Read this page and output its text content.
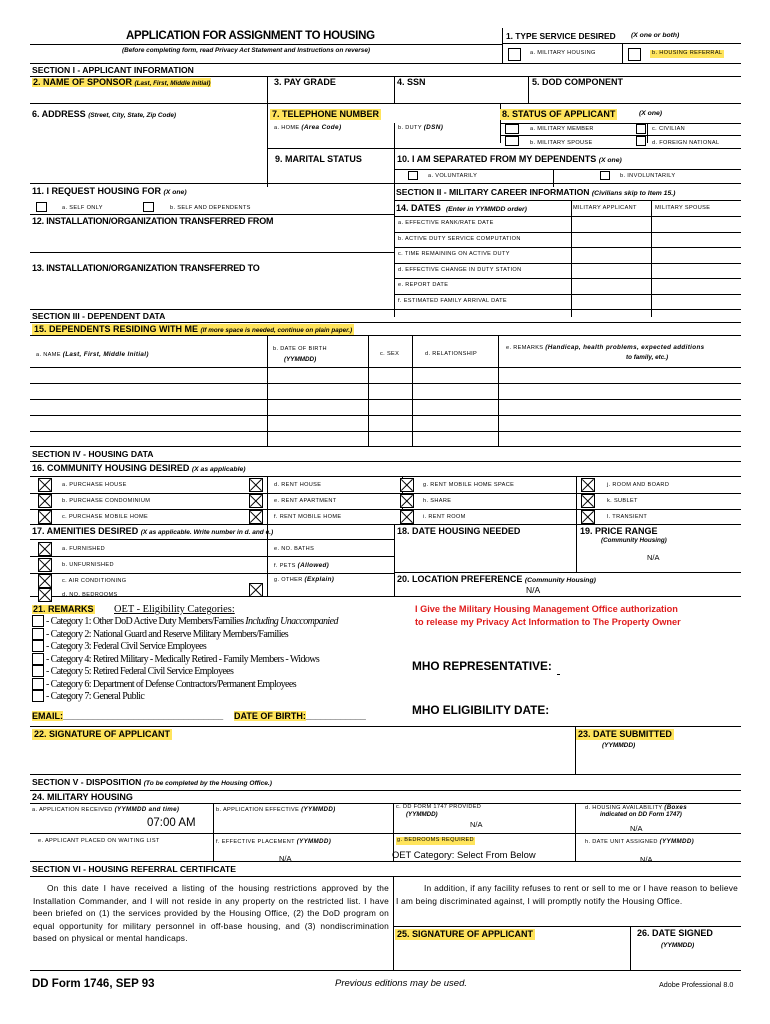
APPLICATION FOR ASSIGNMENT TO HOUSING
(Before completing form, read Privacy Act Statement and Instructions on reverse)
1. TYPE SERVICE DESIRED (X one or both)
a. MILITARY HOUSING	b. HOUSING REFERRAL
SECTION I - APPLICANT INFORMATION
2. NAME OF SPONSOR (Last, First, Middle Initial)	3. PAY GRADE	4. SSN	5. DOD COMPONENT
6. ADDRESS (Street, City, State, Zip Code)	7. TELEPHONE NUMBER
a. HOME (Area Code)	b. DUTY (DSN)
8. STATUS OF APPLICANT	(X one)
a. MILITARY MEMBER
b. MILITARY SPOUSE
c. CIVILIAN
d. FOREIGN NATIONAL
9. MARITAL STATUS	10. I AM SEPARATED FROM MY DEPENDENTS (X one)
a. VOLUNTARILY	b. INVOLUNTARILY
11. I REQUEST HOUSING FOR (X one)
a. SELF ONLY	b. SELF AND DEPENDENTS
12. INSTALLATION/ORGANIZATION TRANSFERRED FROM
13. INSTALLATION/ORGANIZATION TRANSFERRED TO
SECTION II - MILITARY CAREER INFORMATION (Civilians skip to Item 15.)
14. DATES (Enter in YYMMDD order)	MILITARY APPLICANT	MILITARY SPOUSE
a. EFFECTIVE RANK/RATE DATE
b. ACTIVE DUTY SERVICE COMPUTATION
c. TIME REMAINING ON ACTIVE DUTY
d. EFFECTIVE CHANGE IN DUTY STATION
e. REPORT DATE
f. ESTIMATED FAMILY ARRIVAL DATE
SECTION III - DEPENDENT DATA
15. DEPENDENTS RESIDING WITH ME (If more space is needed, continue on plain paper.)
a. NAME (Last, First, Middle Initial)
b. DATE OF BIRTH
(YYMMDD)
c. SEX	d. RELATIONSHIP
e. REMARKS (Handicap, health problems, expected additions
to family, etc.)
SECTION IV - HOUSING DATA
16. COMMUNITY HOUSING DESIRED (X as applicable)
a. PURCHASE HOUSE
b. PURCHASE CONDOMINIUM
c. PURCHASE MOBILE HOME
d. RENT HOUSE
e. RENT APARTMENT
f. RENT MOBILE HOME
g. RENT MOBILE HOME SPACE
h. SHARE
i. RENT ROOM
j. ROOM AND BOARD
k. SUBLET
l. TRANSIENT
17. AMENITIES DESIRED (X as applicable. Write number in d. and e.)
a. FURNISHED
b. UNFURNISHED
c. AIR CONDITIONING
d. NO. BEDROOMS
e. NO. BATHS
f. PETS (Allowed)
g. OTHER (Explain)
18. DATE HOUSING NEEDED	19. PRICE RANGE
(Community Housing)
N/A
20. LOCATION PREFERENCE (Community Housing)
N/A
21. REMARKS OET - Eligibility Categories:
- Category 1: Other DoD Active Duty Members/Families Including Unaccompanied
- Category 2: National Guard and Reserve Military Members/Families
- Category 3: Federal Civil Service Employees
- Category 4: Retired Military - Medically Retired - Family Members - Widows
- Category 5: Retired Federal Civil Service Employees
- Category 6: Department of Defense Contractors/Permanent Employees
- Category 7: General Public
I Give the Military Housing Management Office authorization
to release my Privacy Act Information to The Property Owner
MHO REPRESENTATIVE:
MHO ELIGIBILITY DATE:
EMAIL:________________________________ DATE OF BIRTH:____________
22. SIGNATURE OF APPLICANT	23. DATE SUBMITTED
(YYMMDD)
SECTION V - DISPOSITION (To be completed by the Housing Office.)
24. MILITARY HOUSING
a. APPLICATION RECEIVED (YYMMDD and time)
07:00 AM
b. APPLICATION EFFECTIVE (YYMMDD)	c. DD FORM 1747 PROVIDED
(YYMMDD)
N/A
d. HOUSING AVAILABILITY (Boxes
indicated on DD Form 1747)
N/A
e. APPLICANT PLACED ON WAITING LIST	f. EFFECTIVE PLACEMENT (YYMMDD)
N/A
g. BEDROOMS REQUIRED
OET Category: Select From Below
h. DATE UNIT ASSIGNED (YYMMDD)
N/A
SECTION VI - HOUSING REFERRAL CERTIFICATE
On this date I have received a listing of the housing restrictions approved by the Installation Commander, and I will not reside in any property on the restricted list. I have been briefed on (1) the services provided by the Housing Office, (2) the DoD program on equal opportunity for military personnel in off-base housing, and (3) nondiscrimination based on physical or mental handicaps.
In addition, if any facility refuses to rent or sell to me or I have reason to believe I am being discriminated against, I will promptly notify the Housing Office.
25. SIGNATURE OF APPLICANT	26. DATE SIGNED
(YYMMDD)
DD Form 1746, SEP 93	Previous editions may be used.	Adobe Professional 8.0
